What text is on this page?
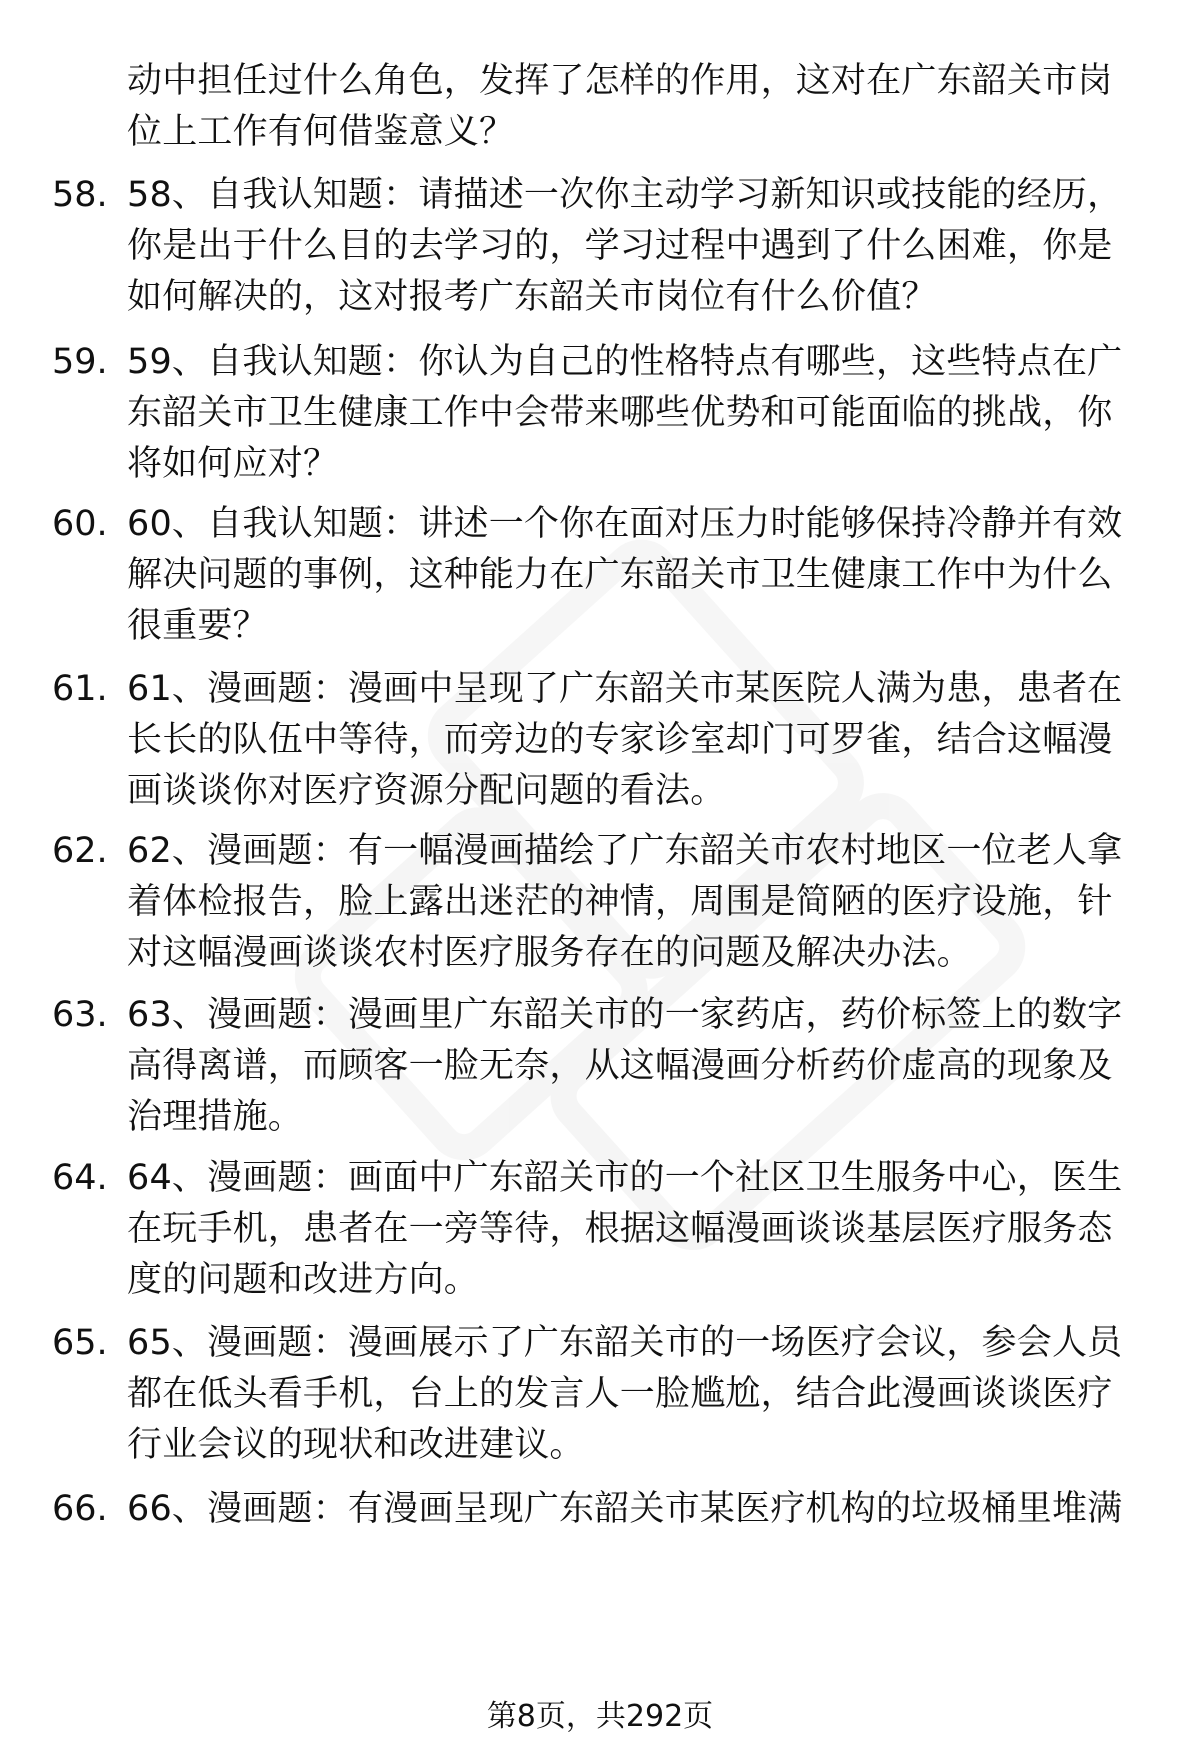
动中担任过什么角色，发挥了怎样的作用，这对在广东韶关市岗位上工作有何借鉴意义？
58. 58、自我认知题：请描述一次你主动学习新知识或技能的经历，你是出于什么目的去学习的，学习过程中遇到了什么困难，你是如何解决的，这对报考广东韶关市岗位有什么价值？
59. 59、自我认知题：你认为自己的性格特点有哪些，这些特点在广东韶关市卫生健康工作中会带来哪些优势和可能面临的挑战，你将如何应对？
60. 60、自我认知题：讲述一个你在面对压力时能够保持冷静并有效解决问题的事例，这种能力在广东韶关市卫生健康工作中为什么很重要？
61. 61、漫画题：漫画中呈现了广东韶关市某医院人满为患，患者在长长的队伍中等待，而旁边的专家诊室却门可罗雀，结合这幅漫画谈谈你对医疗资源分配问题的看法。
62. 62、漫画题：有一幅漫画描绘了广东韶关市农村地区一位老人拿着体检报告，脸上露出迷茫的神情，周围是简陋的医疗设施，针对这幅漫画谈谈农村医疗服务存在的问题及解决办法。
63. 63、漫画题：漫画里广东韶关市的一家药店，药价标签上的数字高得离谱，而顾客一脸无奈，从这幅漫画分析药价虚高的现象及治理措施。
64. 64、漫画题：画面中广东韶关市的一个社区卫生服务中心，医生在玩手机，患者在一旁等待，根据这幅漫画谈谈基层医疗服务态度的问题和改进方向。
65. 65、漫画题：漫画展示了广东韶关市的一场医疗会议，参会人员都在低头看手机，台上的发言人一脸尴尬，结合此漫画谈谈医疗行业会议的现状和改进建议。
66. 66、漫画题：有漫画呈现广东韶关市某医疗机构的垃圾桶里堆满
第8页，共292页
